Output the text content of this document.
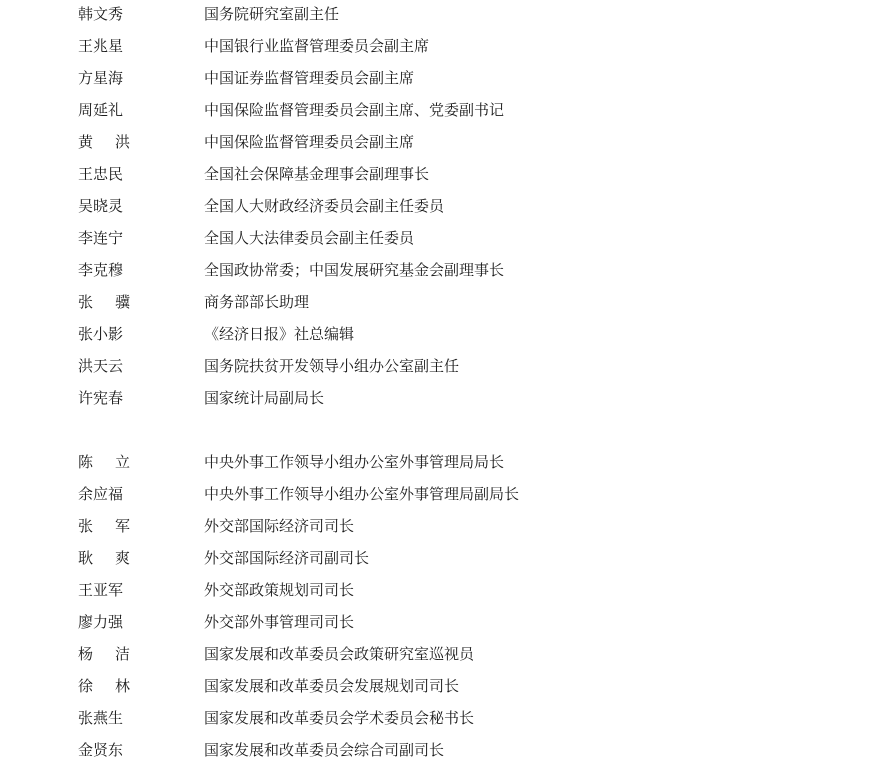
韩文秀	国务院研究室副主任
王兆星	中国银行业监督管理委员会副主席
方星海	中国证券监督管理委员会副主席
周延礼	中国保险监督管理委员会副主席、党委副书记
黄 洪	中国保险监督管理委员会副主席
王忠民	全国社会保障基金理事会副理事长
吴晓灵	全国人大财政经济委员会副主任委员
李连宁	全国人大法律委员会副主任委员
李克穆	全国政协常委；中国发展研究基金会副理事长
张 骥	商务部部长助理
张小影	《经济日报》社总编辑
洪天云	国务院扶贫开发领导小组办公室副主任
许宪春	国家统计局副局长
陈 立	中央外事工作领导小组办公室外事管理局局长
余应福	中央外事工作领导小组办公室外事管理局副局长
张 军	外交部国际经济司司长
耿 爽	外交部国际经济司副司长
王亚军	外交部政策规划司司长
廖力强	外交部外事管理司司长
杨 洁	国家发展和改革委员会政策研究室巡视员
徐 林	国家发展和改革委员会发展规划司司长
张燕生	国家发展和改革委员会学术委员会秘书长
金贤东	国家发展和改革委员会综合司副司长
